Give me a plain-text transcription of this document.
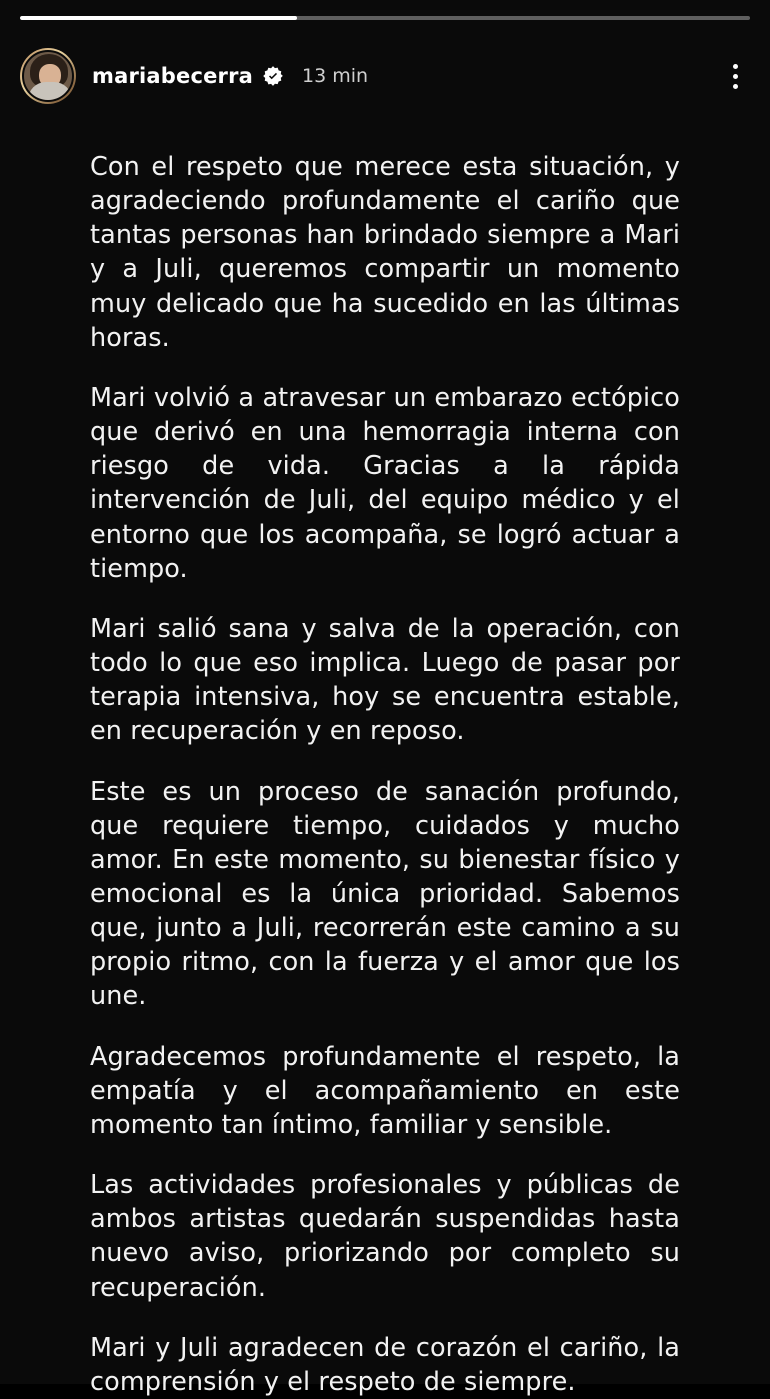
mariabecerra	13 min
Con el respeto que merece esta situación, y agradeciendo profundamente el cariño que tantas personas han brindado siempre a Mari y a Juli, queremos compartir un momento muy delicado que ha sucedido en las últimas horas.
Mari volvió a atravesar un embarazo ectópico que derivó en una hemorragia interna con riesgo de vida. Gracias a la rápida intervención de Juli, del equipo médico y el entorno que los acompaña, se logró actuar a tiempo.
Mari salió sana y salva de la operación, con todo lo que eso implica. Luego de pasar por terapia intensiva, hoy se encuentra estable, en recuperación y en reposo.
Este es un proceso de sanación profundo, que requiere tiempo, cuidados y mucho amor. En este momento, su bienestar físico y emocional es la única prioridad. Sabemos que, junto a Juli, recorrerán este camino a su propio ritmo, con la fuerza y el amor que los une.
Agradecemos profundamente el respeto, la empatía y el acompañamiento en este momento tan íntimo, familiar y sensible.
Las actividades profesionales y públicas de ambos artistas quedarán suspendidas hasta nuevo aviso, priorizando por completo su recuperación.
Mari y Juli agradecen de corazón el cariño, la comprensión y el respeto de siempre.
